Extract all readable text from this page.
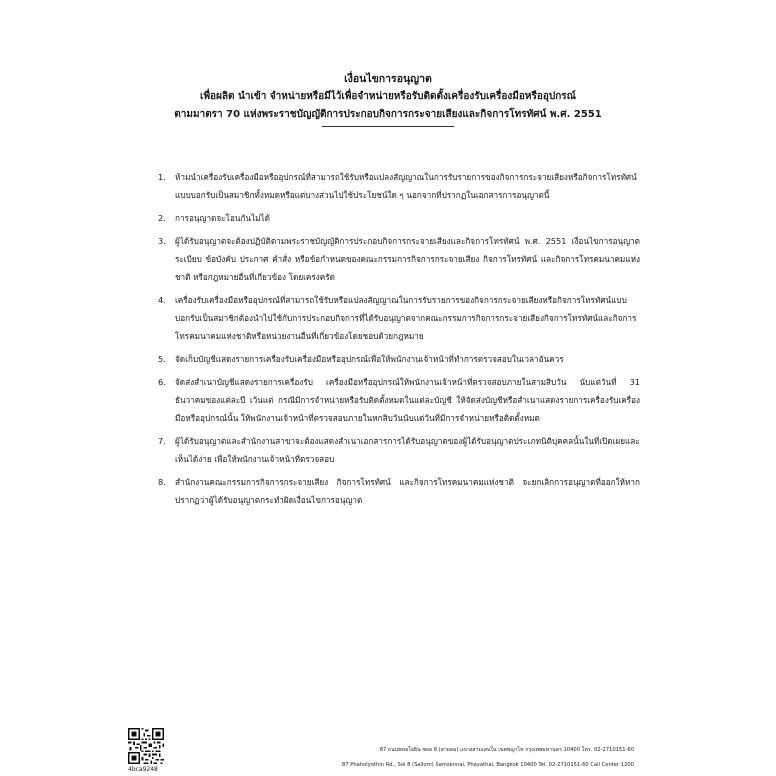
เงื่อนไขการอนุญาต
เพื่อผลิต นำเข้า จำหน่ายหรือมีไว้เพื่อจำหน่ายหรือรับติดตั้งเครื่องรับเครื่องมือหรืออุปกรณ์
ตามมาตรา 70 แห่งพระราชบัญญัติการประกอบกิจการกระจายเสียงและกิจการโทรทัศน์ พ.ศ. 2551
1.	ห้ามนำเครื่องรับเครื่องมือหรืออุปกรณ์ที่สามารถใช้รับหรือแปลงสัญญาณในการรับรายการของกิจการกระจายเสียงหรือกิจการโทรทัศน์แบบบอกรับเป็นสมาชิกทั้งหมดหรือแต่บางส่วนไปใช้ประโยชน์ใด ๆ นอกจากที่ปรากฏในเอกสารการอนุญาตนี้
2.	การอนุญาตจะโอนกันไม่ได้
3.	ผู้ได้รับอนุญาตจะต้องปฏิบัติตามพระราชบัญญัติการประกอบกิจการกระจายเสียงและกิจการโทรทัศน์ พ.ศ. 2551 เงื่อนไขการอนุญาต ระเบียบ ข้อบังคับ ประกาศ คำสั่ง หรือข้อกำหนดของคณะกรรมการกิจการกระจายเสียง กิจการโทรทัศน์ และกิจการโทรคมนาคมแห่งชาติ หรือกฎหมายอื่นที่เกี่ยวข้อง โดยเคร่งครัด
4.	เครื่องรับเครื่องมือหรืออุปกรณ์ที่สามารถใช้รับหรือแปลงสัญญาณในการรับรายการของกิจการกระจายเสียงหรือกิจการโทรทัศน์แบบบอกรับเป็นสมาชิกต้องนำไปใช้กับการประกอบกิจการที่ได้รับอนุญาตจากคณะกรรมการกิจการกระจายเสียงกิจการโทรทัศน์และกิจการโทรคมนาคมแห่งชาติหรือหน่วยงานอื่นที่เกี่ยวข้องโดยชอบด้วยกฎหมาย
5.	จัดเก็บบัญชีแสดงรายการเครื่องรับเครื่องมือหรืออุปกรณ์เพื่อให้พนักงานเจ้าหน้าที่ทำการตรวจสอบในเวลาอันควร
6.	จัดส่งสำเนาบัญชีแสดงรายการเครื่องรับ เครื่องมือหรืออุปกรณ์ให้พนักงานเจ้าหน้าที่ตรวจสอบภายในสามสิบวัน นับแต่วันที่ 31 ธันวาคมของแต่ละปี เว้นแต่ กรณีมีการจำหน่ายหรือรับติดตั้งหมดในแต่ละบัญชี ให้จัดส่งบัญชีหรือสำเนาแสดงรายการเครื่องรับเครื่องมือหรืออุปกรณ์นั้น ให้พนักงานเจ้าหน้าที่ตรวจสอบภายในหกสิบวันนับแต่วันที่มีการจำหน่ายหรือติดตั้งหมด
7.	ผู้ได้รับอนุญาตและสำนักงานสาขาจะต้องแสดงสำเนาเอกสารการได้รับอนุญาตของผู้ได้รับอนุญาตประเภทนิติบุคคลนั้นในที่เปิดเผยและเห็นได้ง่าย เพื่อให้พนักงานเจ้าหน้าที่ตรวจสอบ
8.	สำนักงานคณะกรรมการกิจการกระจายเสียง กิจการโทรทัศน์ และกิจการโทรคมนาคมแห่งชาติ จะยกเลิกการอนุญาตที่ออกให้หากปรากฏว่าผู้ได้รับอนุญาตกระทำผิดเงื่อนไขการอนุญาต
4bca9248
87 ถนนพหลโยธิน ซอย 8 (สายลม) แขวงสามเสนใน เขตพญาไท กรุงเทพมหานคร 10400 โทร. 02-2710151-60
87 Phaholyothin Rd., Soi 8 (Sailom) Samsennai, Phayathai, Bangkok 10400 Tel. 02-2710151-60 Call Center 1200
